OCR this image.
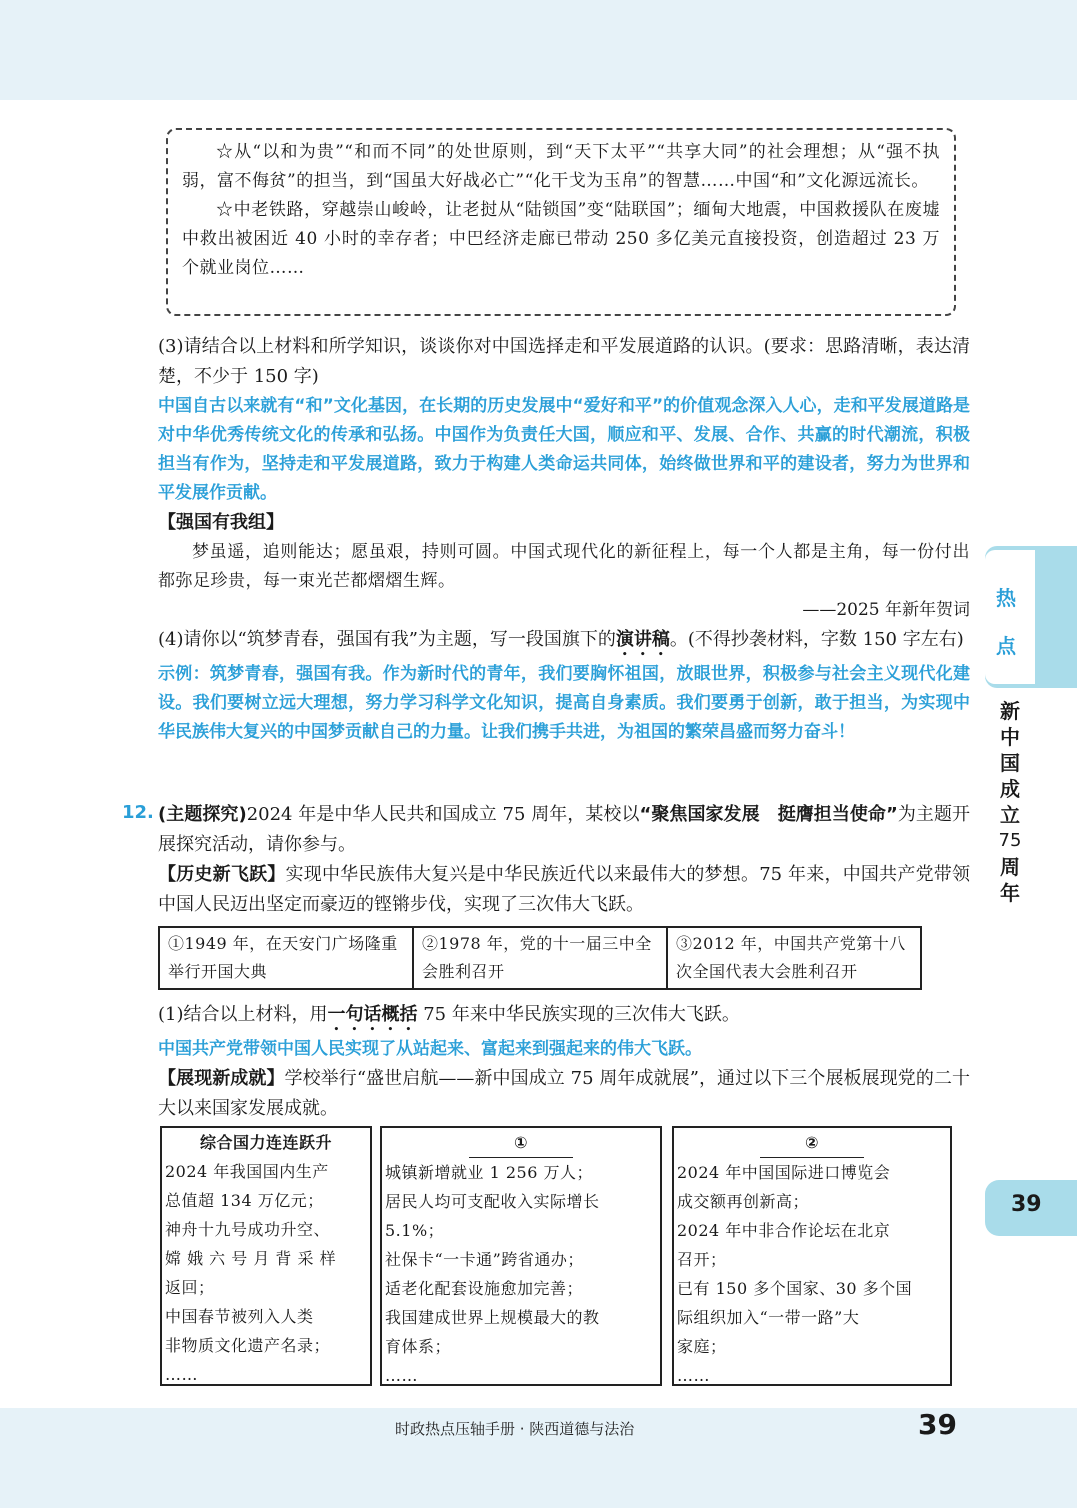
☆从“以和为贵”“和而不同”的处世原则，到“天下太平”“共享大同”的社会理想；从“强不执弱，富不侮贫”的担当，到“国虽大好战必亡”“化干戈为玉帛”的智慧……中国“和”文化源远流长。

☆中老铁路，穿越崇山峻岭，让老挝从“陆锁国”变“陆联国”；缅甸大地震，中国救援队在废墟中救出被困近 40 小时的幸存者；中巴经济走廊已带动 250 多亿美元直接投资，创造超过 23 万个就业岗位……

(3)请结合以上材料和所学知识，谈谈你对中国选择走和平发展道路的认识。(要求：思路清晰，表达清楚，不少于 150 字)

中国自古以来就有“和”文化基因，在长期的历史发展中“爱好和平”的价值观念深入人心，走和平发展道路是对中华优秀传统文化的传承和弘扬。中国作为负责任大国，顺应和平、发展、合作、共赢的时代潮流，积极担当有作为，坚持走和平发展道路，致力于构建人类命运共同体，始终做世界和平的建设者，努力为世界和平发展作贡献。

【强国有我组】

梦虽遥，追则能达；愿虽艰，持则可圆。中国式现代化的新征程上，每一个人都是主角，每一份付出都弥足珍贵，每一束光芒都熠熠生辉。

——2025 年新年贺词

(4)请你以“筑梦青春，强国有我”为主题，写一段国旗下的演讲稿。(不得抄袭材料，字数 150 字左右)

示例：筑梦青春，强国有我。作为新时代的青年，我们要胸怀祖国，放眼世界，积极参与社会主义现代化建设。我们要树立远大理想，努力学习科学文化知识，提高自身素质。我们要勇于创新，敢于担当，为实现中华民族伟大复兴的中国梦贡献自己的力量。让我们携手共进，为祖国的繁荣昌盛而努力奋斗！

12. (主题探究)2024 年是中华人民共和国成立 75 周年，某校以“聚焦国家发展　挺膺担当使命”为主题开展探究活动，请你参与。

【历史新飞跃】实现中华民族伟大复兴是中华民族近代以来最伟大的梦想。75 年来，中国共产党带领中国人民迈出坚定而豪迈的铿锵步伐，实现了三次伟大飞跃。

①1949 年，在天安门广场隆重举行开国大典	②1978 年，党的十一届三中全会胜利召开	③2012 年，中国共产党第十八次全国代表大会胜利召开

(1)结合以上材料，用一句话概括 75 年来中华民族实现的三次伟大飞跃。

中国共产党带领中国人民实现了从站起来、富起来到强起来的伟大飞跃。

【展现新成就】学校举行“盛世启航——新中国成立 75 周年成就展”，通过以下三个展板展现党的二十大以来国家发展成就。

综合国力连连跃升
2024 年我国国内生产
总值超 134 万亿元；
神舟十九号成功升空、
嫦 娥 六 号 月 背 采 样
返回；
中国春节被列入人类
非物质文化遗产名录；
……
①
城镇新增就业 1 256 万人；
居民人均可支配收入实际增长
5.1%；
社保卡“一卡通”跨省通办；
适老化配套设施愈加完善；
我国建成世界上规模最大的教
育体系；
……
②
2024 年中国国际进口博览会
成交额再创新高；
2024 年中非合作论坛在北京
召开；
已有 150 多个国家、30 多个国
际组织加入“一带一路”大
家庭；
……
热
点
新
中
国
成
立
75
周
年
39
时政热点压轴手册 · 陕西道德与法治	39
